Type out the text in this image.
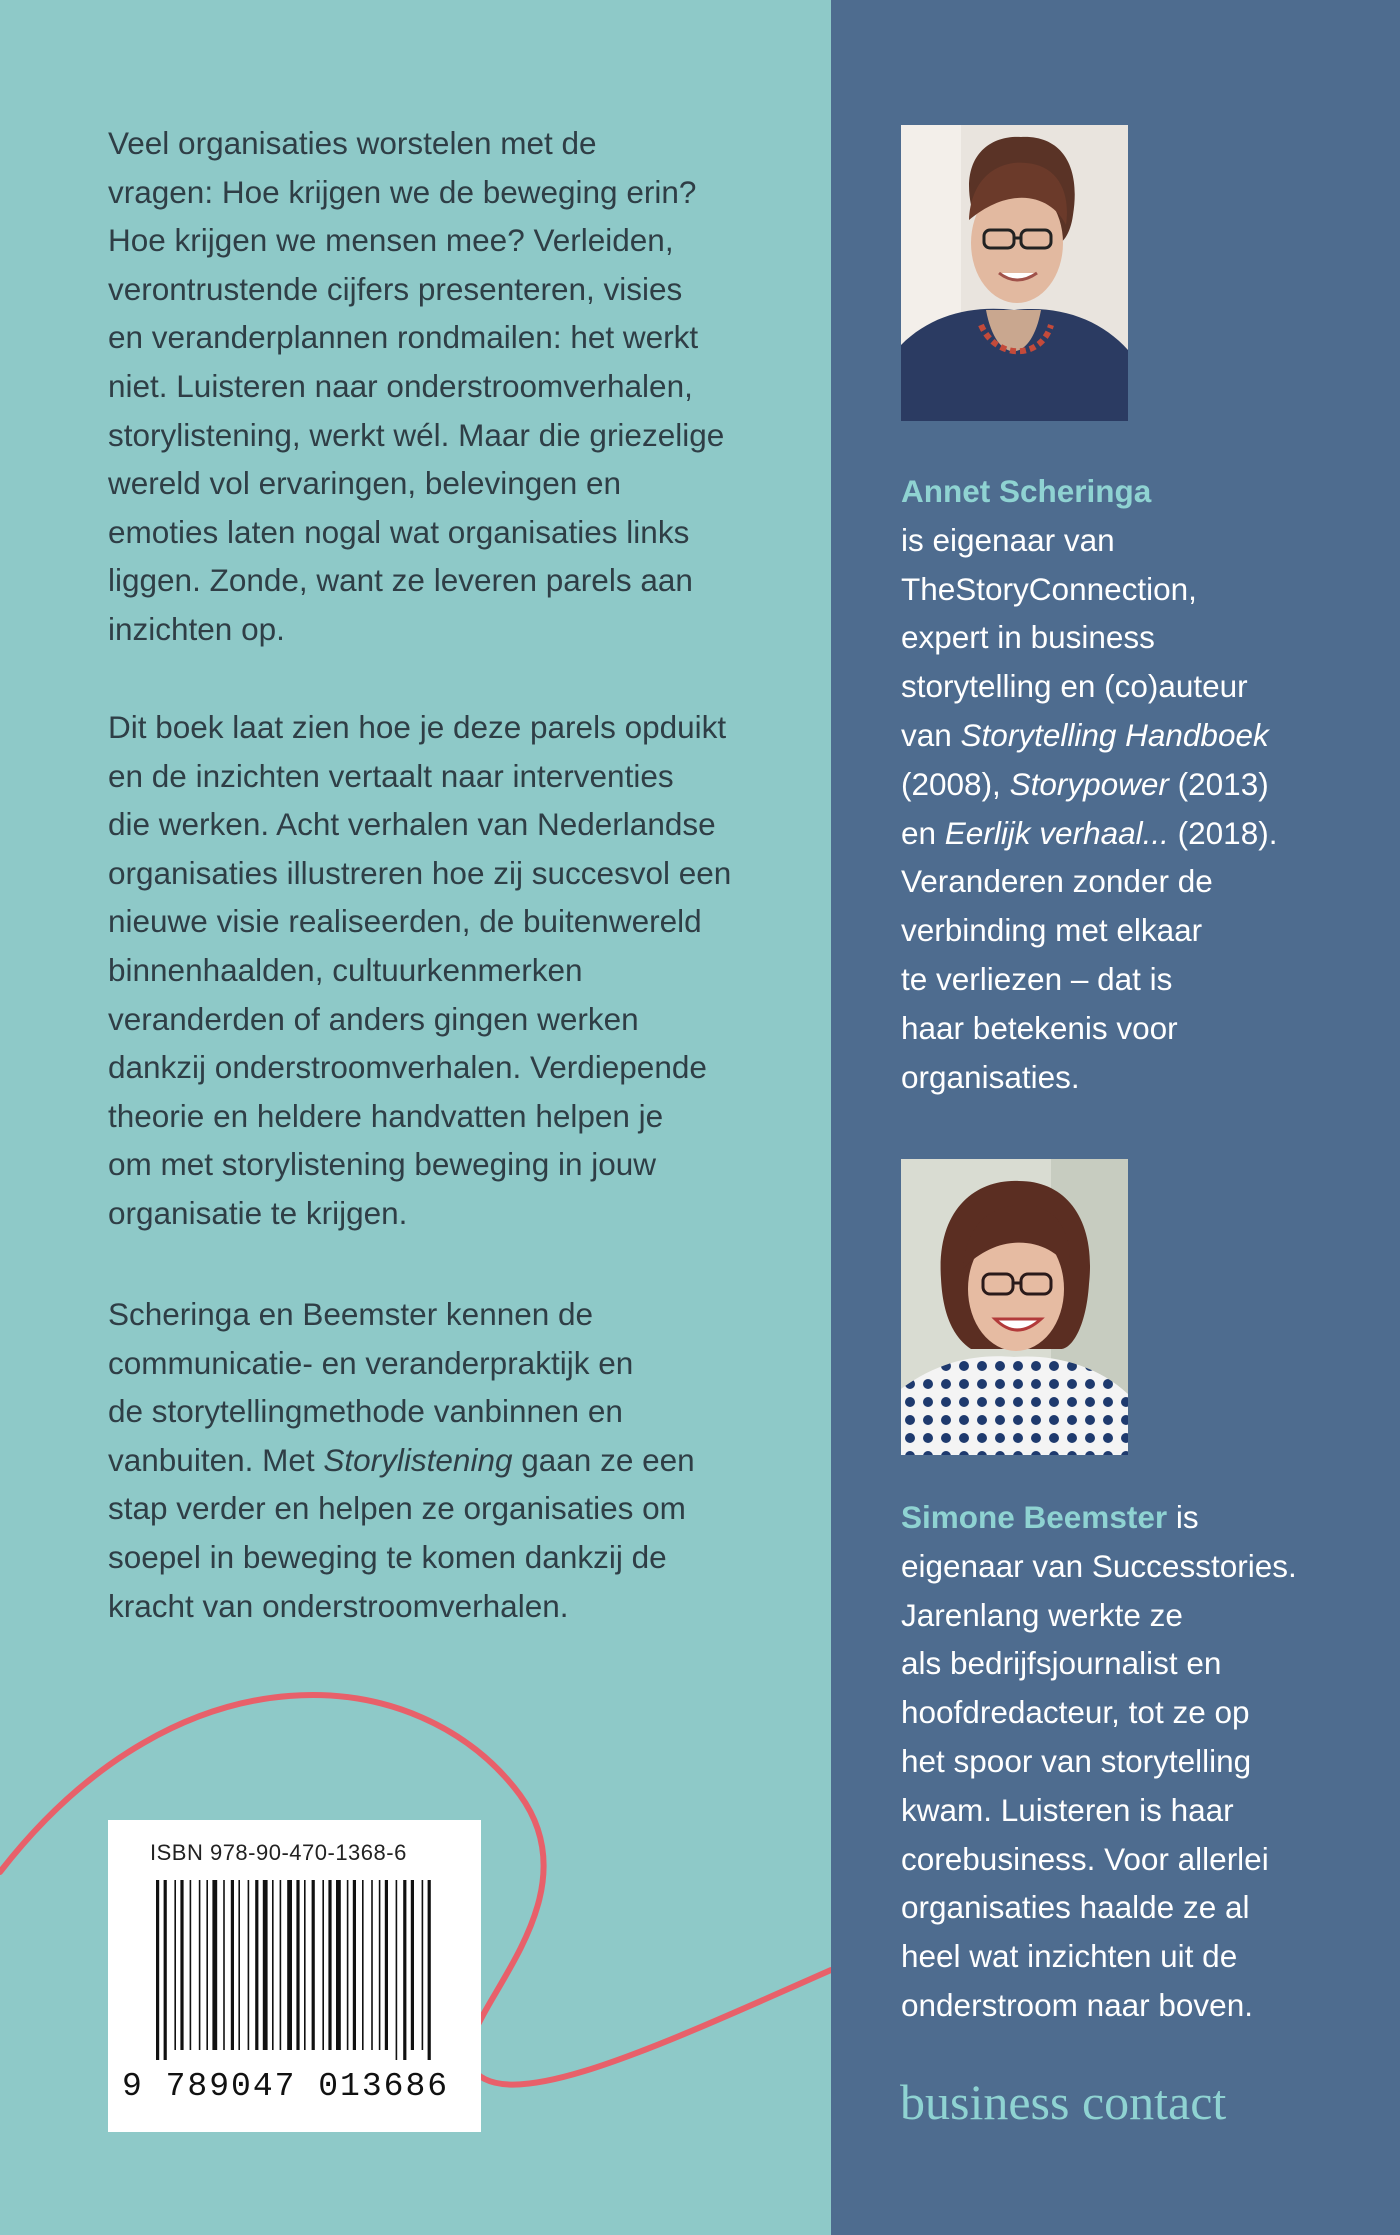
Veel organisaties worstelen met de
vragen: Hoe krijgen we de beweging erin?
Hoe krijgen we mensen mee? Verleiden,
verontrustende cijfers presenteren, visies
en veranderplannen rondmailen: het werkt
niet. Luisteren naar onderstroomverhalen,
storylistening, werkt wél. Maar die griezelige
wereld vol ervaringen, belevingen en
emoties laten nogal wat organisaties links
liggen. Zonde, want ze leveren parels aan
inzichten op.
Dit boek laat zien hoe je deze parels opduikt
en de inzichten vertaalt naar interventies
die werken. Acht verhalen van Nederlandse
organisaties illustreren hoe zij succesvol een
nieuwe visie realiseerden, de buitenwereld
binnenhaalden, cultuurkenmerken
veranderden of anders gingen werken
dankzij onderstroomverhalen. Verdiepende
theorie en heldere handvatten helpen je
om met storylistening beweging in jouw
organisatie te krijgen.
Scheringa en Beemster kennen de
communicatie- en veranderpraktijk en
de storytellingmethode vanbinnen en
vanbuiten. Met Storylistening gaan ze een
stap verder en helpen ze organisaties om
soepel in beweging te komen dankzij de
kracht van onderstroomverhalen.
ISBN 978-90-470-1368-6
9 789047 013686
Annet Scheringa
is eigenaar van
TheStoryConnection,
expert in business
storytelling en (co)auteur
van Storytelling Handboek
(2008), Storypower (2013)
en Eerlijk verhaal... (2018).
Veranderen zonder de
verbinding met elkaar
te verliezen – dat is
haar betekenis voor
organisaties.
Simone Beemster is
eigenaar van Successtories.
Jarenlang werkte ze
als bedrijfsjournalist en
hoofdredacteur, tot ze op
het spoor van storytelling
kwam. Luisteren is haar
corebusiness. Voor allerlei
organisaties haalde ze al
heel wat inzichten uit de
onderstroom naar boven.
business contact
